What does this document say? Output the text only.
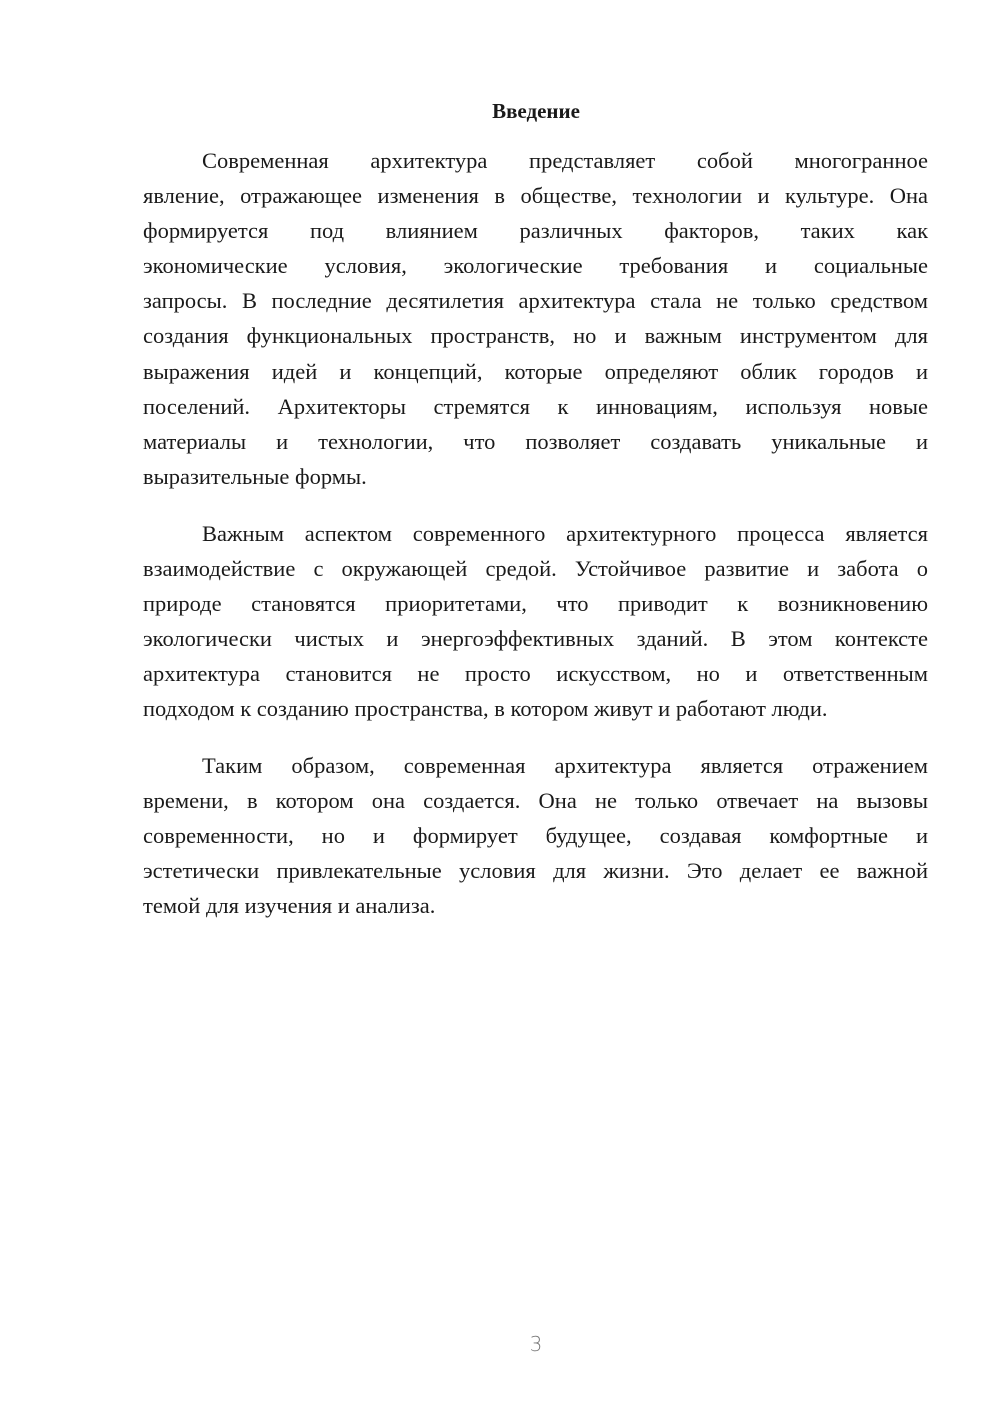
Введение
Современная архитектура представляет собой многогранное
явление, отражающее изменения в обществе, технологии и культуре. Она
формируется под влиянием различных факторов, таких как
экономические условия, экологические требования и социальные
запросы. В последние десятилетия архитектура стала не только средством
создания функциональных пространств, но и важным инструментом для
выражения идей и концепций, которые определяют облик городов и
поселений. Архитекторы стремятся к инновациям, используя новые
материалы и технологии, что позволяет создавать уникальные и
выразительные формы.
Важным аспектом современного архитектурного процесса является
взаимодействие с окружающей средой. Устойчивое развитие и забота о
природе становятся приоритетами, что приводит к возникновению
экологически чистых и энергоэффективных зданий. В этом контексте
архитектура становится не просто искусством, но и ответственным
подходом к созданию пространства, в котором живут и работают люди.
Таким образом, современная архитектура является отражением
времени, в котором она создается. Она не только отвечает на вызовы
современности, но и формирует будущее, создавая комфортные и
эстетически привлекательные условия для жизни. Это делает ее важной
темой для изучения и анализа.
3
